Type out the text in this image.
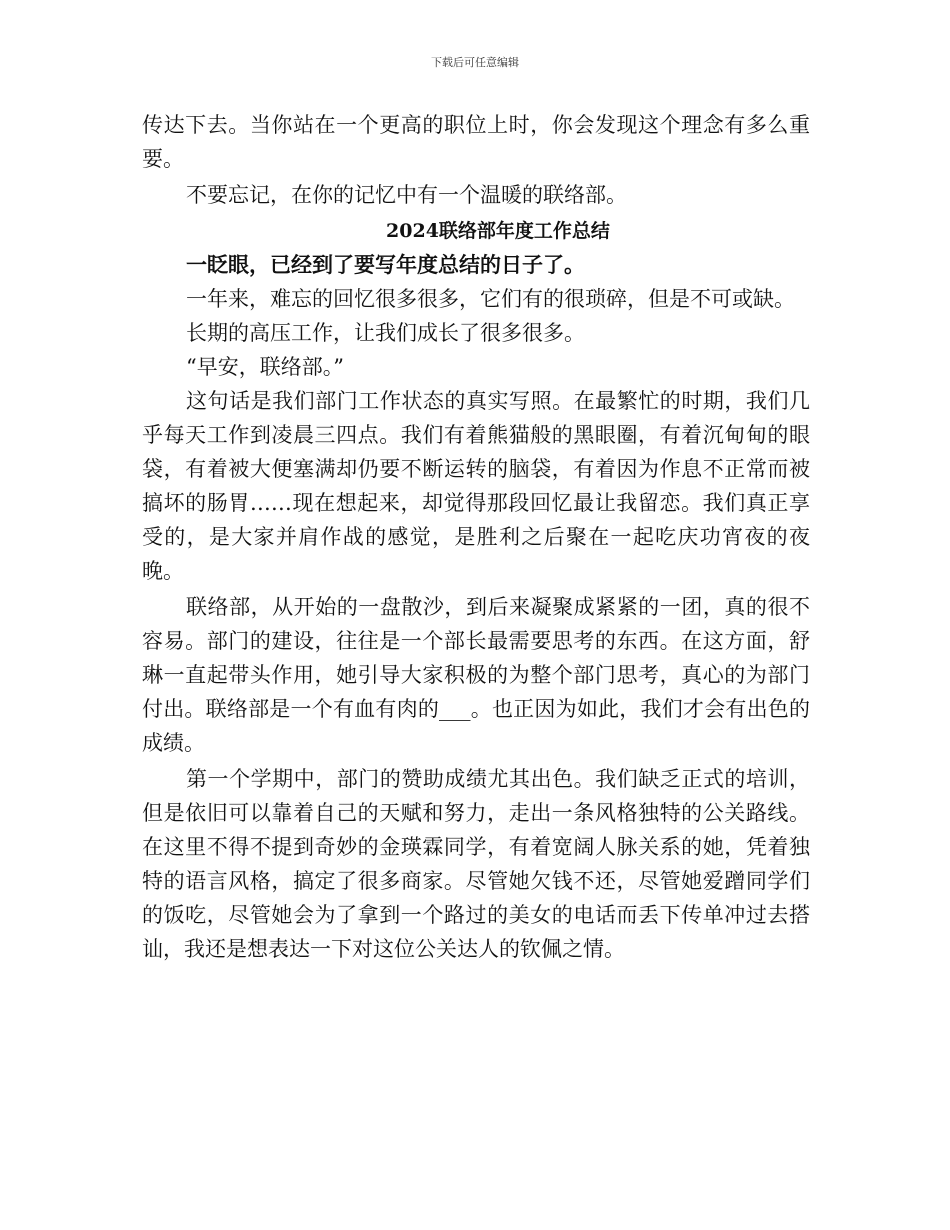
下载后可任意编辑

传达下去。当你站在一个更高的职位上时，你会发现这个理念有多么重要。

不要忘记，在你的记忆中有一个温暖的联络部。

2024联络部年度工作总结

一眨眼，已经到了要写年度总结的日子了。

一年来，难忘的回忆很多很多，它们有的很琐碎，但是不可或缺。

长期的高压工作，让我们成长了很多很多。

“早安，联络部。”

这句话是我们部门工作状态的真实写照。在最繁忙的时期，我们几乎每天工作到凌晨三四点。我们有着熊猫般的黑眼圈，有着沉甸甸的眼袋，有着被大便塞满却仍要不断运转的脑袋，有着因为作息不正常而被搞坏的肠胃……现在想起来，却觉得那段回忆最让我留恋。我们真正享受的，是大家并肩作战的感觉，是胜利之后聚在一起吃庆功宵夜的夜晚。

联络部，从开始的一盘散沙，到后来凝聚成紧紧的一团，真的很不容易。部门的建设，往往是一个部长最需要思考的东西。在这方面，舒琳一直起带头作用，她引导大家积极的为整个部门思考，真心的为部门付出。联络部是一个有血有肉的___。也正因为如此，我们才会有出色的成绩。

第一个学期中，部门的赞助成绩尤其出色。我们缺乏正式的培训，但是依旧可以靠着自己的天赋和努力，走出一条风格独特的公关路线。在这里不得不提到奇妙的金瑛霖同学，有着宽阔人脉关系的她，凭着独特的语言风格，搞定了很多商家。尽管她欠钱不还，尽管她爱蹭同学们的饭吃，尽管她会为了拿到一个路过的美女的电话而丢下传单冲过去搭讪，我还是想表达一下对这位公关达人的钦佩之情。
